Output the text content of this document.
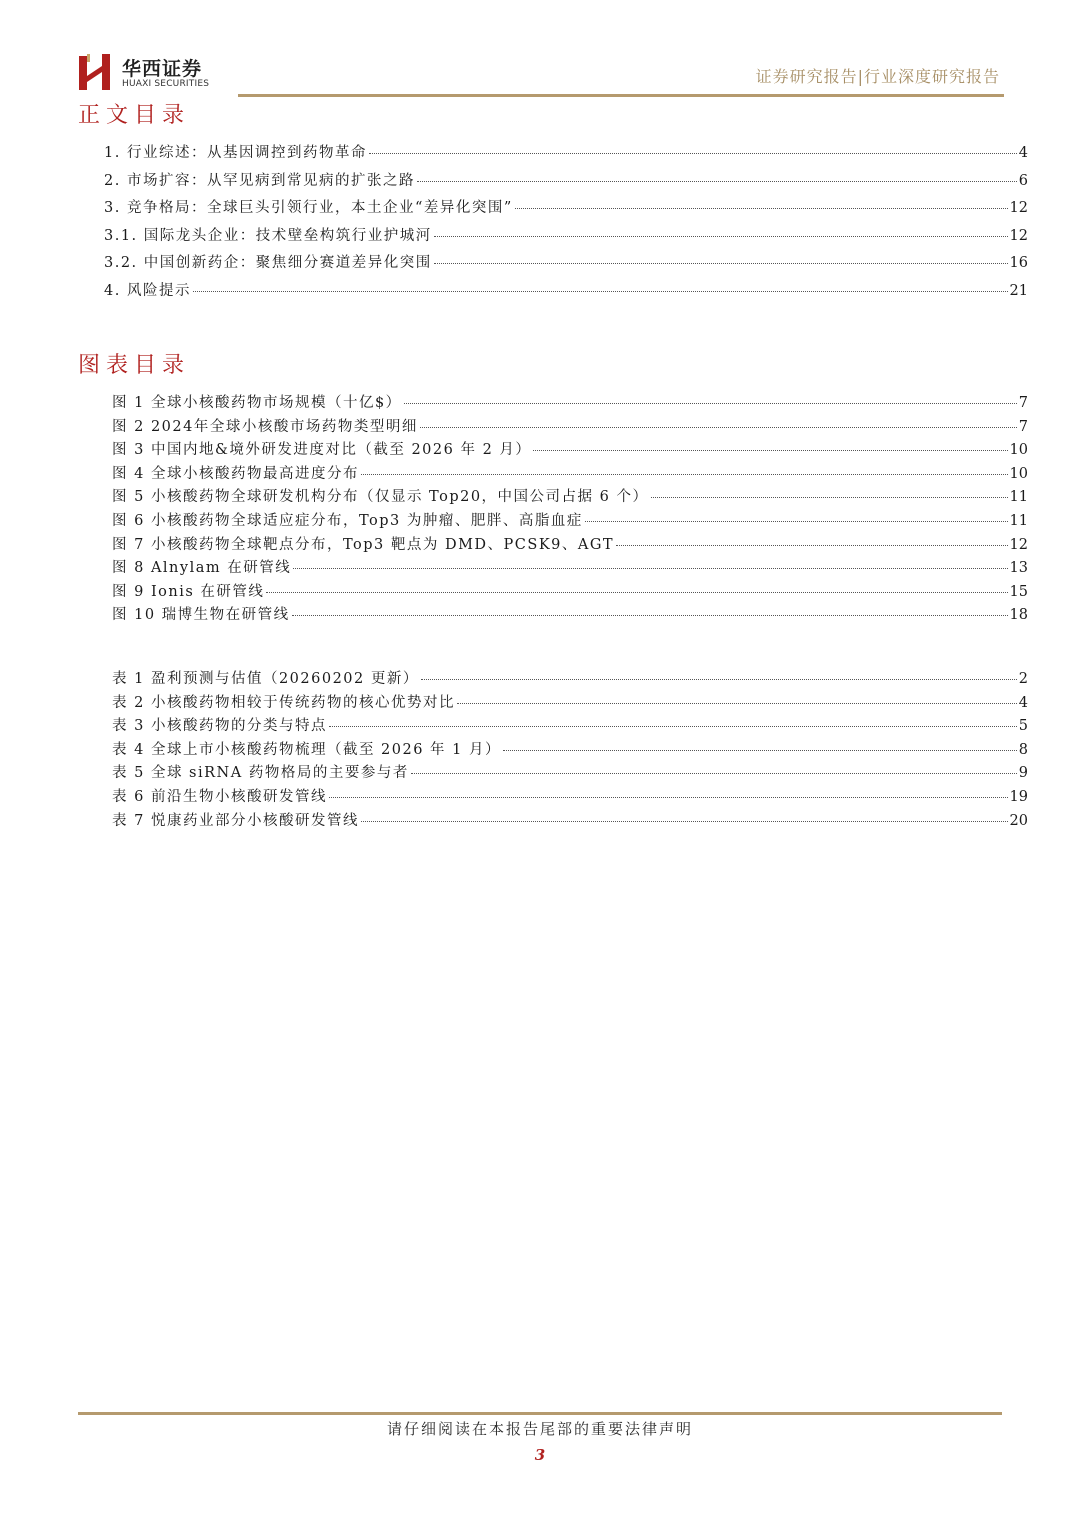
华西证券
HUAXI SECURITIES	证券研究报告|行业深度研究报告
正文目录
1. 行业综述：从基因调控到药物革命	4
2. 市场扩容：从罕见病到常见病的扩张之路	6
3. 竞争格局：全球巨头引领行业，本土企业“差异化突围”	12
3.1. 国际龙头企业：技术壁垒构筑行业护城河	12
3.2. 中国创新药企：聚焦细分赛道差异化突围	16
4. 风险提示	21
图表目录
图 1 全球小核酸药物市场规模（十亿$）	7
图 2 2024年全球小核酸市场药物类型明细	7
图 3 中国内地&境外研发进度对比（截至 2026 年 2 月）	10
图 4 全球小核酸药物最高进度分布	10
图 5 小核酸药物全球研发机构分布（仅显示 Top20，中国公司占据 6 个）	11
图 6 小核酸药物全球适应症分布，Top3 为肿瘤、肥胖、高脂血症	11
图 7 小核酸药物全球靶点分布，Top3 靶点为 DMD、PCSK9、AGT	12
图 8 Alnylam 在研管线	13
图 9 Ionis 在研管线	15
图 10 瑞博生物在研管线	18
表 1 盈利预测与估值（20260202 更新）	2
表 2 小核酸药物相较于传统药物的核心优势对比	4
表 3 小核酸药物的分类与特点	5
表 4 全球上市小核酸药物梳理（截至 2026 年 1 月）	8
表 5 全球 siRNA 药物格局的主要参与者	9
表 6 前沿生物小核酸研发管线	19
表 7 悦康药业部分小核酸研发管线	20
请仔细阅读在本报告尾部的重要法律声明
3
